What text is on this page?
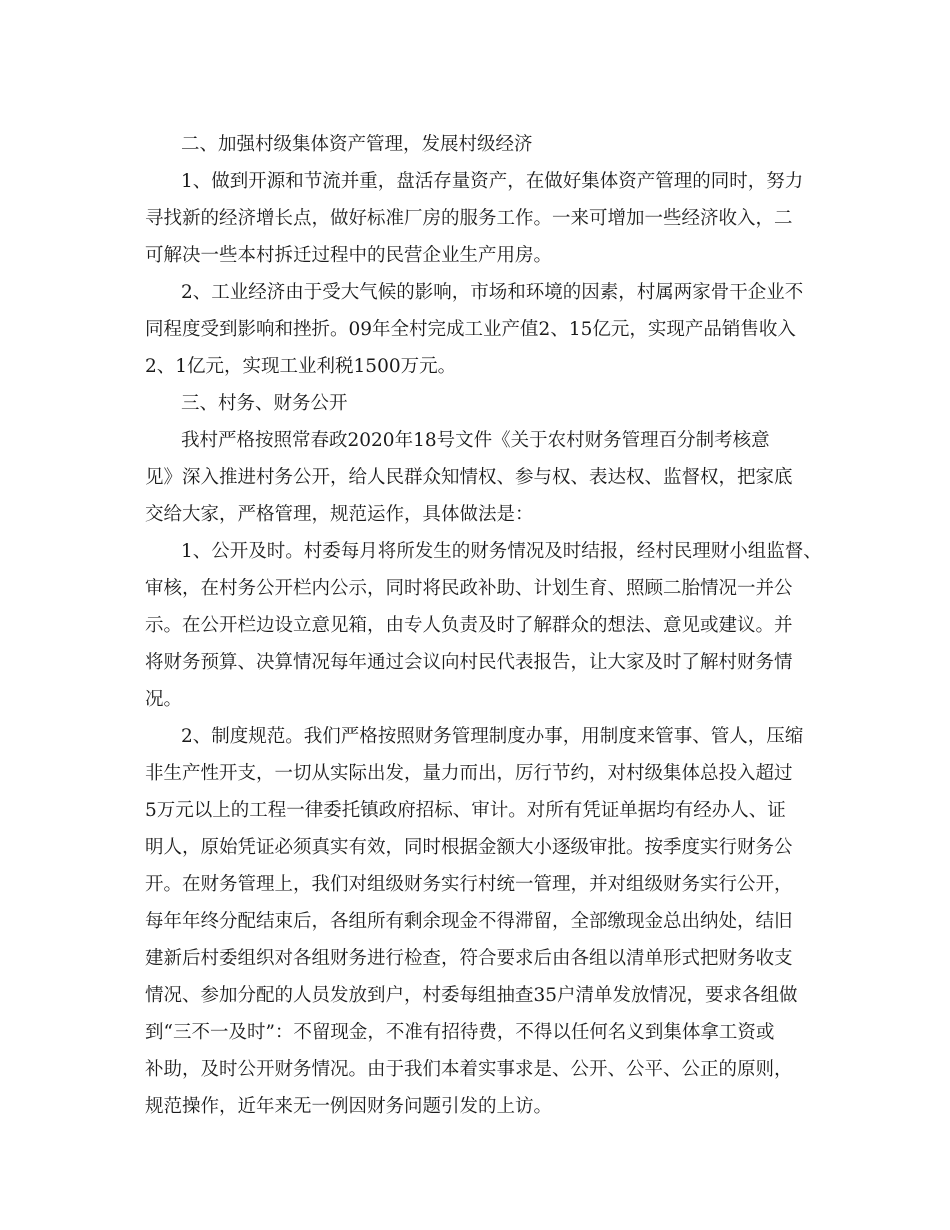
二、加强村级集体资产管理，发展村级经济

1、做到开源和节流并重，盘活存量资产，在做好集体资产管理的同时，努力

寻找新的经济增长点，做好标准厂房的服务工作。一来可增加一些经济收入，二

可解决一些本村拆迁过程中的民营企业生产用房。

2、工业经济由于受大气候的影响，市场和环境的因素，村属两家骨干企业不

同程度受到影响和挫折。09年全村完成工业产值2、15亿元，实现产品销售收入

2、1亿元，实现工业利税1500万元。

三、村务、财务公开

我村严格按照常春政2020年18号文件《关于农村财务管理百分制考核意

见》深入推进村务公开，给人民群众知情权、参与权、表达权、监督权，把家底

交给大家，严格管理，规范运作，具体做法是：

1、公开及时。村委每月将所发生的财务情况及时结报，经村民理财小组监督、

审核，在村务公开栏内公示，同时将民政补助、计划生育、照顾二胎情况一并公

示。在公开栏边设立意见箱，由专人负责及时了解群众的想法、意见或建议。并

将财务预算、决算情况每年通过会议向村民代表报告，让大家及时了解村财务情

况。

2、制度规范。我们严格按照财务管理制度办事，用制度来管事、管人，压缩

非生产性开支，一切从实际出发，量力而出，厉行节约，对村级集体总投入超过

5万元以上的工程一律委托镇政府招标、审计。对所有凭证单据均有经办人、证

明人，原始凭证必须真实有效，同时根据金额大小逐级审批。按季度实行财务公

开。在财务管理上，我们对组级财务实行村统一管理，并对组级财务实行公开，

每年年终分配结束后，各组所有剩余现金不得滞留，全部缴现金总出纳处，结旧

建新后村委组织对各组财务进行检查，符合要求后由各组以清单形式把财务收支

情况、参加分配的人员发放到户，村委每组抽查35户清单发放情况，要求各组做

到“三不一及时”：不留现金，不准有招待费，不得以任何名义到集体拿工资或

补助，及时公开财务情况。由于我们本着实事求是、公开、公平、公正的原则，

规范操作，近年来无一例因财务问题引发的上访。
